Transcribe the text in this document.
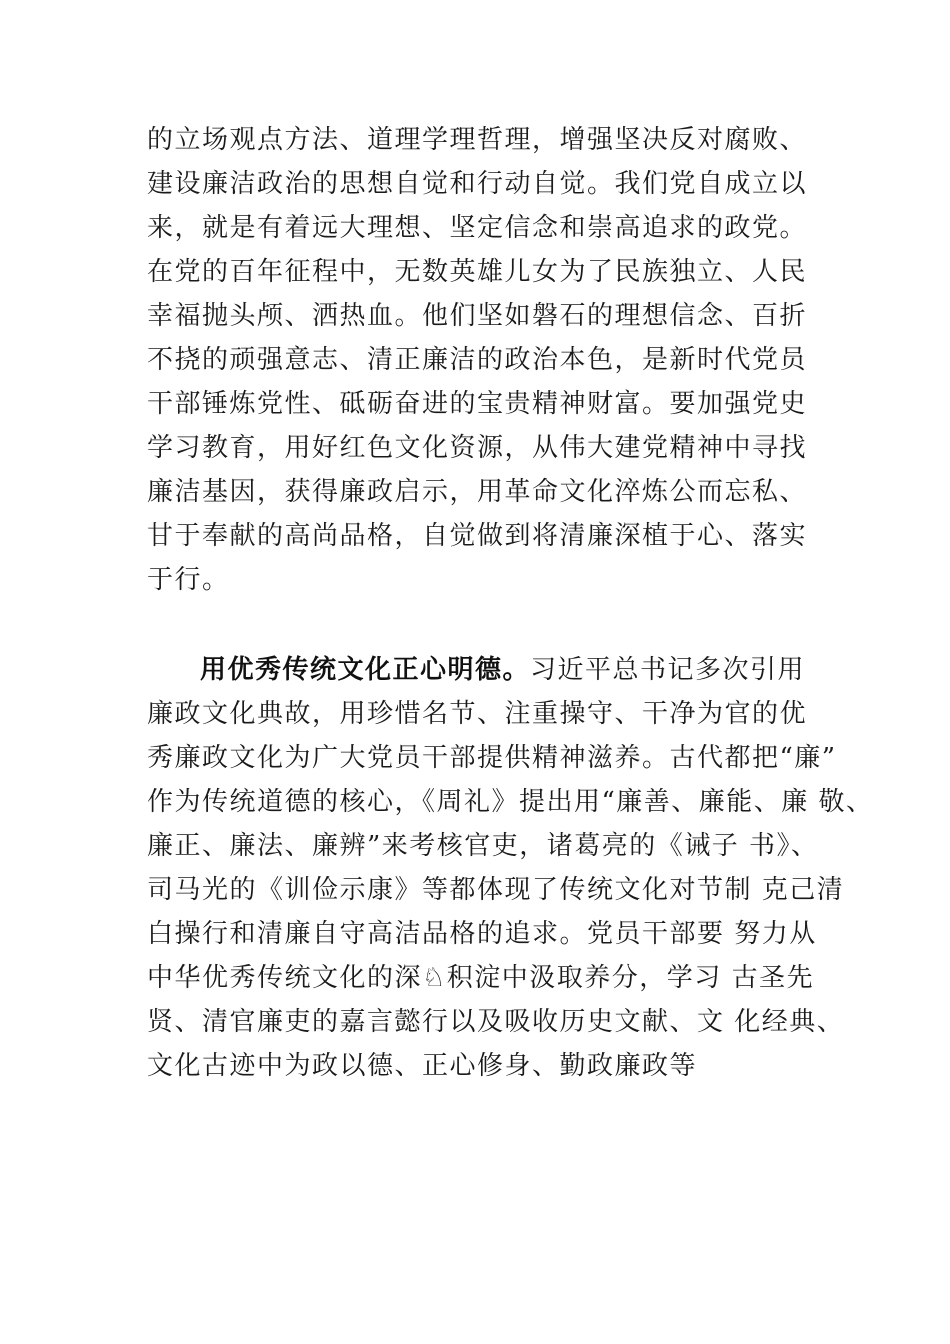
的立场观点方法、道理学理哲理，增强坚决反对腐败、
建设廉洁政治的思想自觉和行动自觉。我们党自成立以
来，就是有着远大理想、坚定信念和崇高追求的政党。
在党的百年征程中，无数英雄儿女为了民族独立、人民
幸福抛头颅、洒热血。他们坚如磐石的理想信念、百折
不挠的顽强意志、清正廉洁的政治本色，是新时代党员
干部锤炼党性、砥砺奋进的宝贵精神财富。要加强党史
学习教育，用好红色文化资源，从伟大建党精神中寻找
廉洁基因，获得廉政启示，用革命文化淬炼公而忘私、
甘于奉献的高尚品格，自觉做到将清廉深植于心、落实
于行。
用优秀传统文化正心明德。习近平总书记多次引用
廉政文化典故，用珍惜名节、注重操守、干净为官的优
秀廉政文化为广大党员干部提供精神滋养。古代都把“廉”
作为传统道德的核心，《周礼》提出用“廉善、廉能、廉 敬、
廉正、廉法、廉辨”来考核官吏，诸葛亮的《诫子 书》、
司马光的《训俭示康》等都体现了传统文化对节制 克己清
白操行和清廉自守高洁品格的追求。党员干部要 努力从
中华优秀传统文化的深♘积淀中汲取养分，学习 古圣先
贤、清官廉吏的嘉言懿行以及吸收历史文献、文 化经典、
文化古迹中为政以德、正心修身、勤政廉政等
